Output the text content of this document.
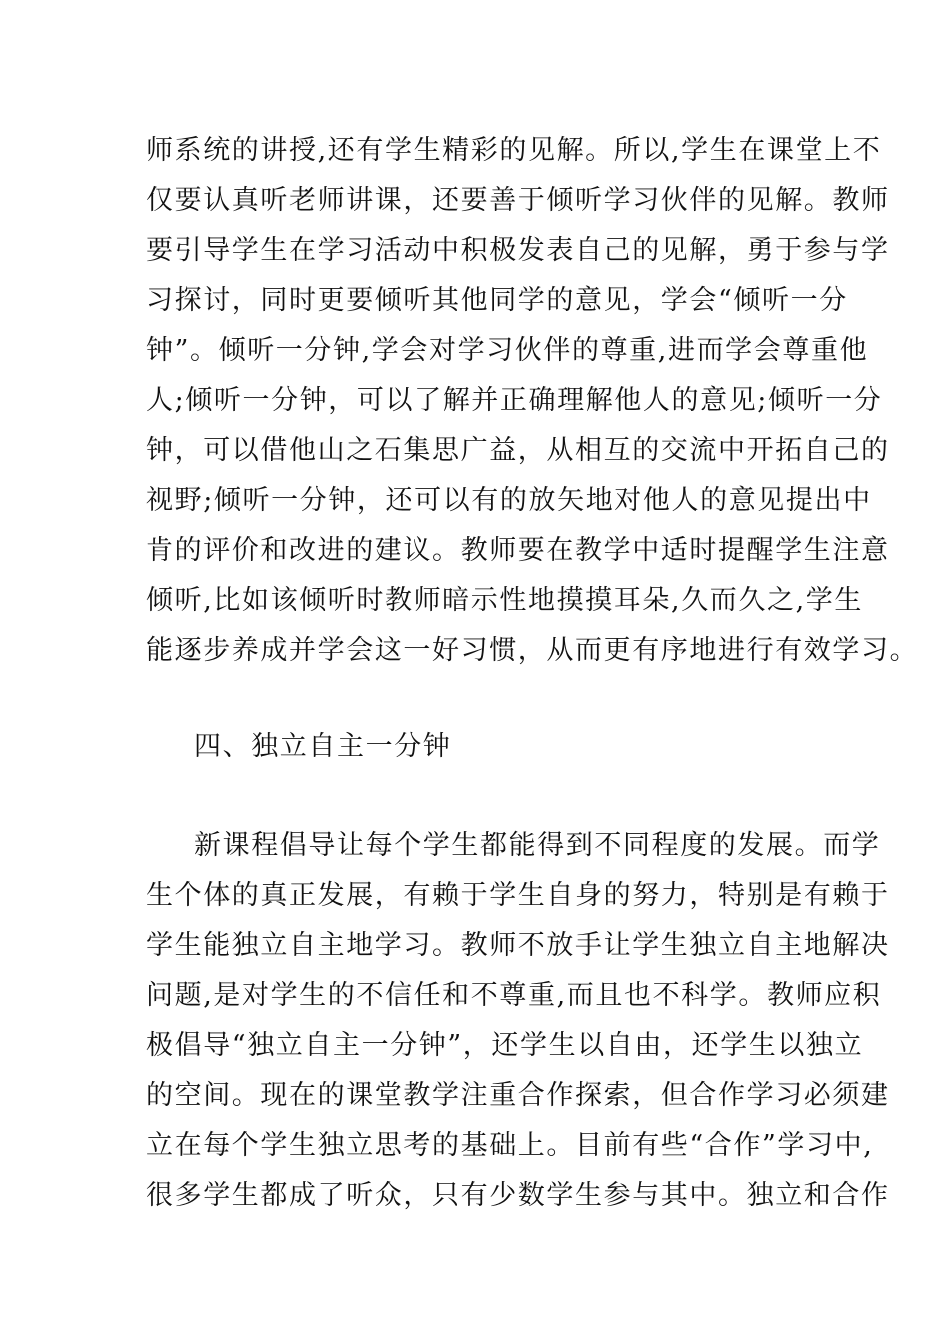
师系统的讲授,还有学生精彩的见解。所以,学生在课堂上不
仅要认真听老师讲课，还要善于倾听学习伙伴的见解。教师
要引导学生在学习活动中积极发表自己的见解，勇于参与学
习探讨，同时更要倾听其他同学的意见，学会“倾听一分
钟”。倾听一分钟,学会对学习伙伴的尊重,进而学会尊重他
人;倾听一分钟，可以了解并正确理解他人的意见;倾听一分
钟，可以借他山之石集思广益，从相互的交流中开拓自己的
视野;倾听一分钟，还可以有的放矢地对他人的意见提出中
肯的评价和改进的建议。教师要在教学中适时提醒学生注意
倾听,比如该倾听时教师暗示性地摸摸耳朵,久而久之,学生
能逐步养成并学会这一好习惯，从而更有序地进行有效学习。
四、独立自主一分钟
新课程倡导让每个学生都能得到不同程度的发展。而学
生个体的真正发展，有赖于学生自身的努力，特别是有赖于
学生能独立自主地学习。教师不放手让学生独立自主地解决
问题,是对学生的不信任和不尊重,而且也不科学。教师应积
极倡导“独立自主一分钟”，还学生以自由，还学生以独立
的空间。现在的课堂教学注重合作探索，但合作学习必须建
立在每个学生独立思考的基础上。目前有些“合作”学习中,
很多学生都成了听众，只有少数学生参与其中。独立和合作
